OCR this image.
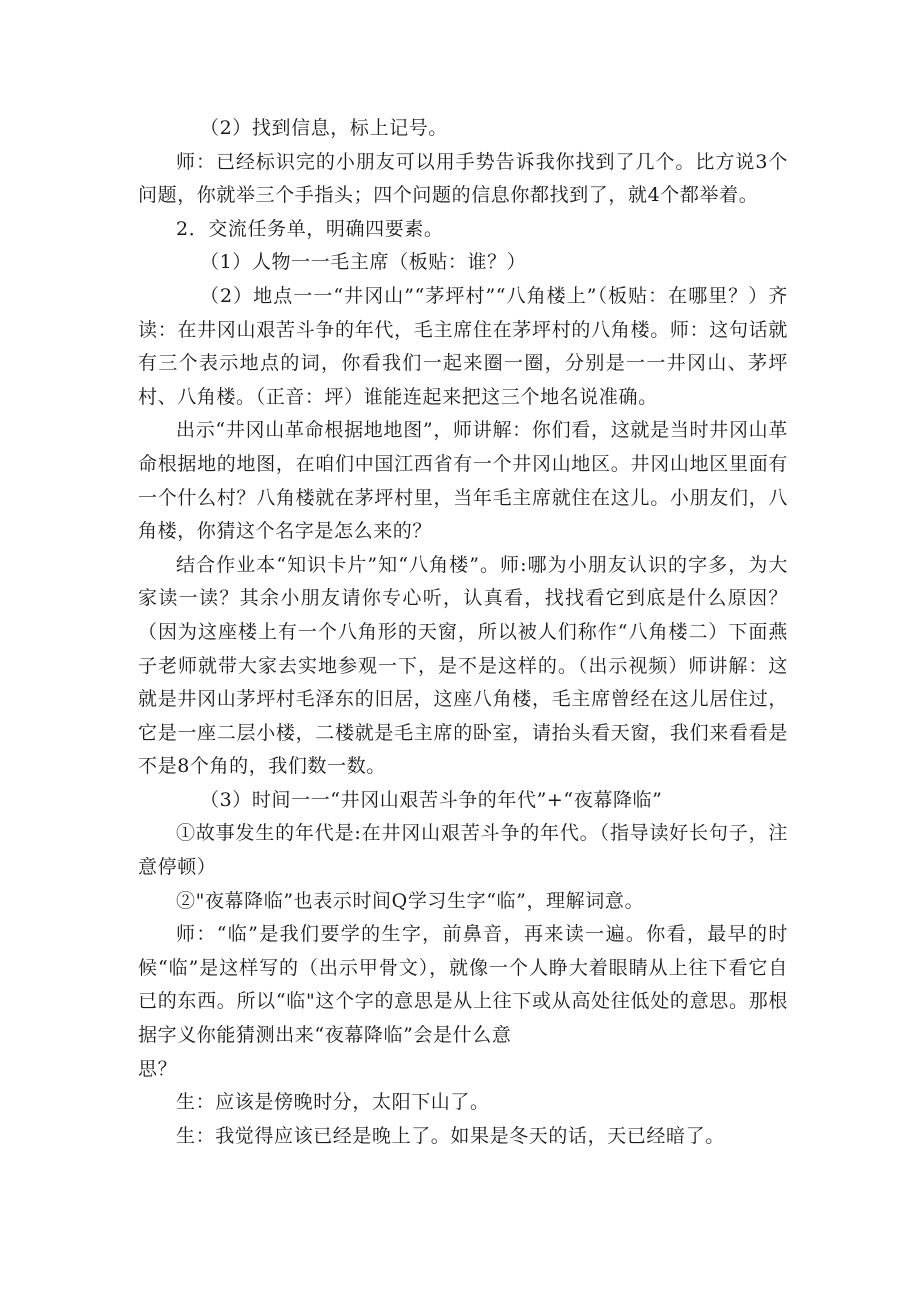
（2）找到信息，标上记号。

师：已经标识完的小朋友可以用手势告诉我你找到了几个。比方说3个问题，你就举三个手指头；四个问题的信息你都找到了，就4个都举着。

2．交流任务单，明确四要素。

（1）人物一一毛主席（板贴：谁？）

（2）地点一一“井冈山”“茅坪村”“八角楼上”（板贴：在哪里？）齐读：在井冈山艰苦斗争的年代，毛主席住在茅坪村的八角楼。师：这句话就有三个表示地点的词，你看我们一起来圈一圈，分别是一一井冈山、茅坪村、八角楼。（正音：坪）谁能连起来把这三个地名说准确。

出示“井冈山革命根据地地图”，师讲解：你们看，这就是当时井冈山革命根据地的地图，在咱们中国江西省有一个井冈山地区。井冈山地区里面有一个什么村？八角楼就在茅坪村里，当年毛主席就住在这儿。小朋友们，八角楼，你猜这个名字是怎么来的？

结合作业本“知识卡片”知“八角楼”。师:哪为小朋友认识的字多，为大家读一读？其余小朋友请你专心听，认真看，找找看它到底是什么原因？（因为这座楼上有一个八角形的天窗，所以被人们称作“八角楼二）下面燕子老师就带大家去实地参观一下，是不是这样的。（出示视频）师讲解：这就是井冈山茅坪村毛泽东的旧居，这座八角楼，毛主席曾经在这儿居住过，它是一座二层小楼，二楼就是毛主席的卧室，请抬头看天窗，我们来看看是不是8个角的，我们数一数。

（3）时间一一“井冈山艰苦斗争的年代”+“夜幕降临”

①故事发生的年代是:在井冈山艰苦斗争的年代。（指导读好长句子，注意停顿）

②"夜幕降临”也表示时间Q学习生字“临”，理解词意。

师：“临”是我们要学的生字，前鼻音，再来读一遍。你看，最早的时候“临”是这样写的（出示甲骨文），就像一个人睁大着眼睛从上往下看它自已的东西。所以“临"这个字的意思是从上往下或从高处往低处的意思。那根据字义你能猜测出来“夜幕降临”会是什么意

思？

生：应该是傍晚时分，太阳下山了。

生：我觉得应该已经是晚上了。如果是冬天的话，天已经暗了。
